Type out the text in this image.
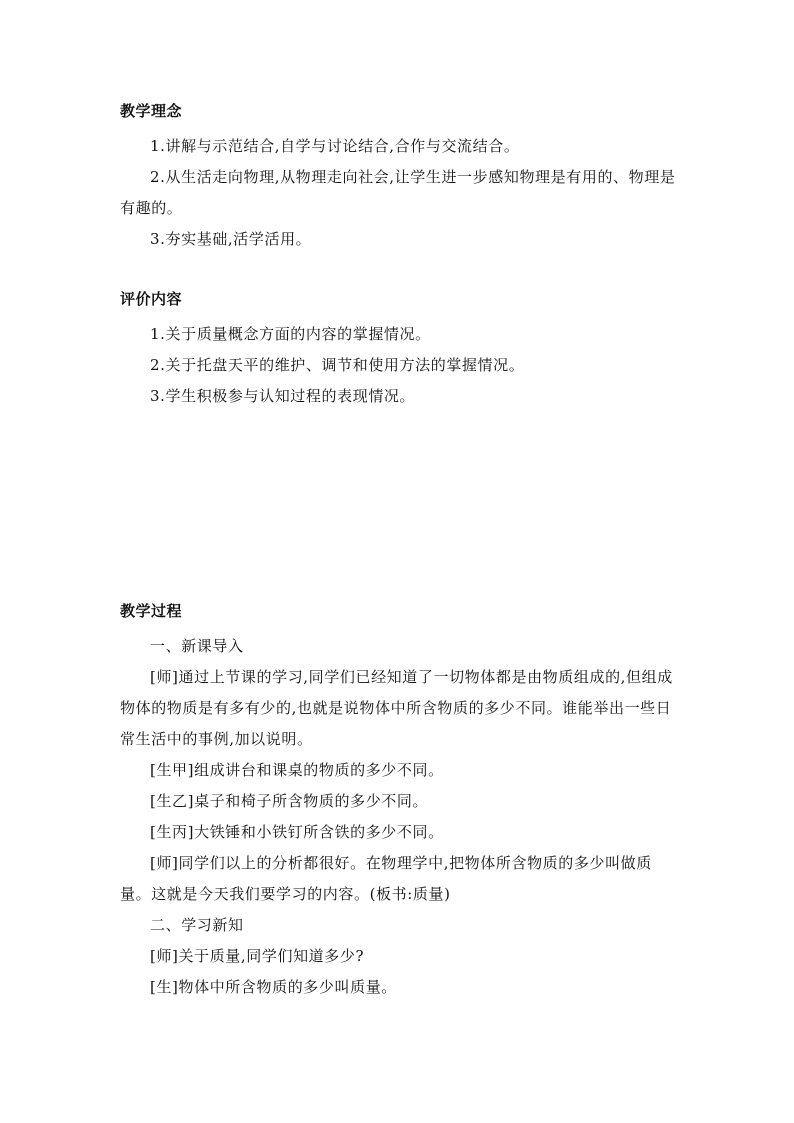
教学理念

1.讲解与示范结合,自学与讨论结合,合作与交流结合。

2.从生活走向物理,从物理走向社会,让学生进一步感知物理是有用的、物理是有趣的。

3.夯实基础,活学活用。

评价内容

1.关于质量概念方面的内容的掌握情况。

2.关于托盘天平的维护、调节和使用方法的掌握情况。

3.学生积极参与认知过程的表现情况。

教学过程

一、新课导入

[师]通过上节课的学习,同学们已经知道了一切物体都是由物质组成的,但组成物体的物质是有多有少的,也就是说物体中所含物质的多少不同。谁能举出一些日常生活中的事例,加以说明。

[生甲]组成讲台和课桌的物质的多少不同。

[生乙]桌子和椅子所含物质的多少不同。

[生丙]大铁锤和小铁钉所含铁的多少不同。

[师]同学们以上的分析都很好。在物理学中,把物体所含物质的多少叫做质量。这就是今天我们要学习的内容。(板书:质量)

二、学习新知

[师]关于质量,同学们知道多少?

[生]物体中所含物质的多少叫质量。
